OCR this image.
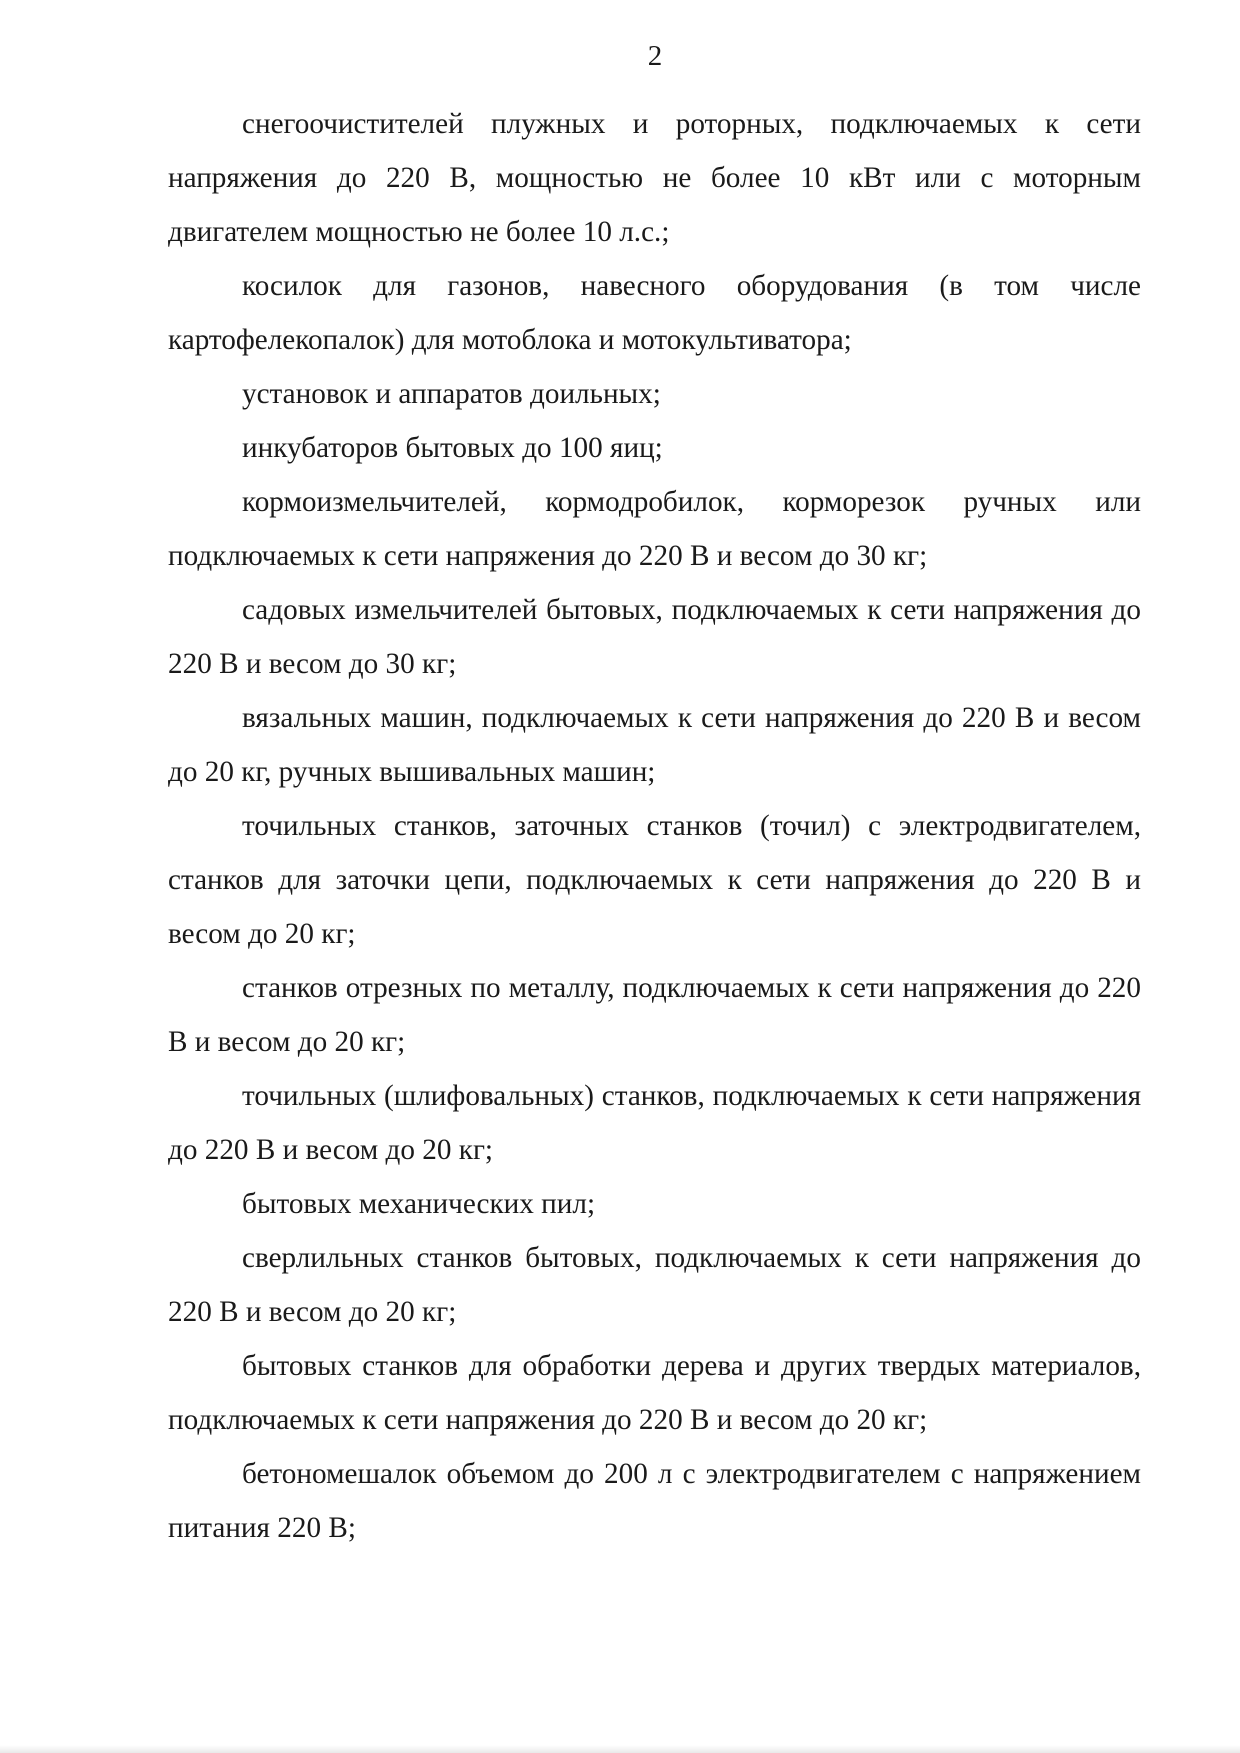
2

снегоочистителей плужных и роторных, подключаемых к сети напряжения до 220 В, мощностью не более 10 кВт или с моторным двигателем мощностью не более 10 л.с.;

косилок для газонов, навесного оборудования (в том числе картофелекопалок) для мотоблока и мотокультиватора;

установок и аппаратов доильных;

инкубаторов бытовых до 100 яиц;

кормоизмельчителей, кормодробилок, корморезок ручных или подключаемых к сети напряжения до 220 В и весом до 30 кг;

садовых измельчителей бытовых, подключаемых к сети напряжения до 220 В и весом до 30 кг;

вязальных машин, подключаемых к сети напряжения до 220 В и весом до 20 кг, ручных вышивальных машин;

точильных станков, заточных станков (точил) с электродвигателем, станков для заточки цепи, подключаемых к сети напряжения до 220 В и весом до 20 кг;

станков отрезных по металлу, подключаемых к сети напряжения до 220 В и весом до 20 кг;

точильных (шлифовальных) станков, подключаемых к сети напряжения до 220 В и весом до 20 кг;

бытовых механических пил;

сверлильных станков бытовых, подключаемых к сети напряжения до 220 В и весом до 20 кг;

бытовых станков для обработки дерева и других твердых материалов, подключаемых к сети напряжения до 220 В и весом до 20 кг;

бетономешалок объемом до 200 л с электродвигателем с напряжением питания 220 В;
